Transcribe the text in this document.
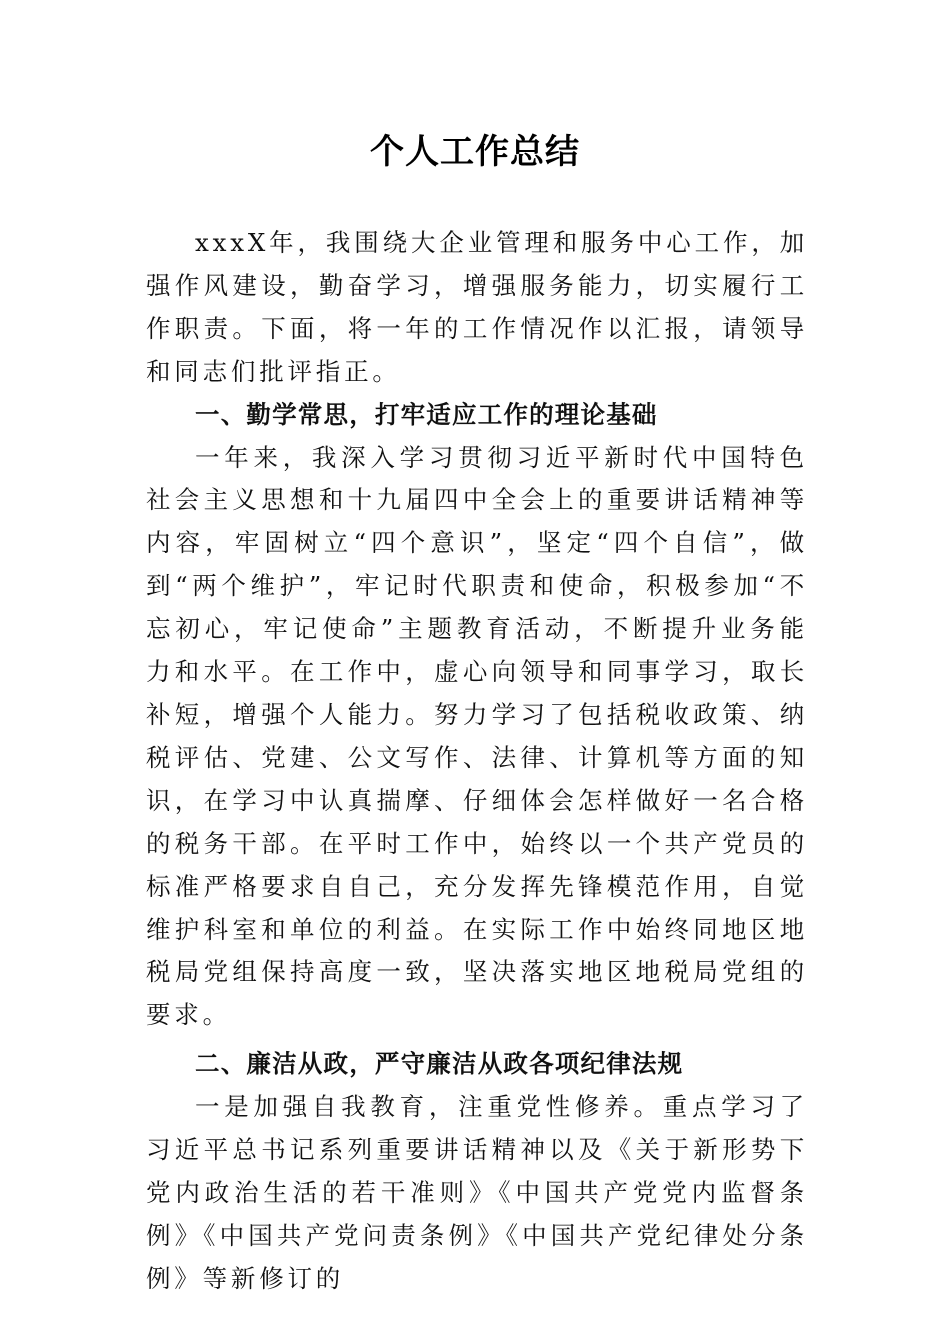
个人工作总结

xxxX年，我围绕大企业管理和服务中心工作，加强作风建设，勤奋学习，增强服务能力，切实履行工作职责。下面，将一年的工作情况作以汇报，请领导和同志们批评指正。

一、勤学常思，打牢适应工作的理论基础

一年来，我深入学习贯彻习近平新时代中国特色社会主义思想和十九届四中全会上的重要讲话精神等内容，牢固树立“四个意识”，坚定“四个自信”，做到“两个维护”，牢记时代职责和使命，积极参加“不忘初心，牢记使命”主题教育活动，不断提升业务能力和水平。在工作中，虚心向领导和同事学习，取长补短，增强个人能力。努力学习了包括税收政策、纳税评估、党建、公文写作、法律、计算机等方面的知识，在学习中认真揣摩、仔细体会怎样做好一名合格的税务干部。在平时工作中，始终以一个共产党员的标准严格要求自自己，充分发挥先锋模范作用，自觉维护科室和单位的利益。在实际工作中始终同地区地税局党组保持高度一致，坚决落实地区地税局党组的要求。

二、廉洁从政，严守廉洁从政各项纪律法规

一是加强自我教育，注重党性修养。重点学习了习近平总书记系列重要讲话精神以及《关于新形势下党内政治生活的若干准则》《中国共产党党内监督条例》《中国共产党问责条例》《中国共产党纪律处分条例》等新修订的
